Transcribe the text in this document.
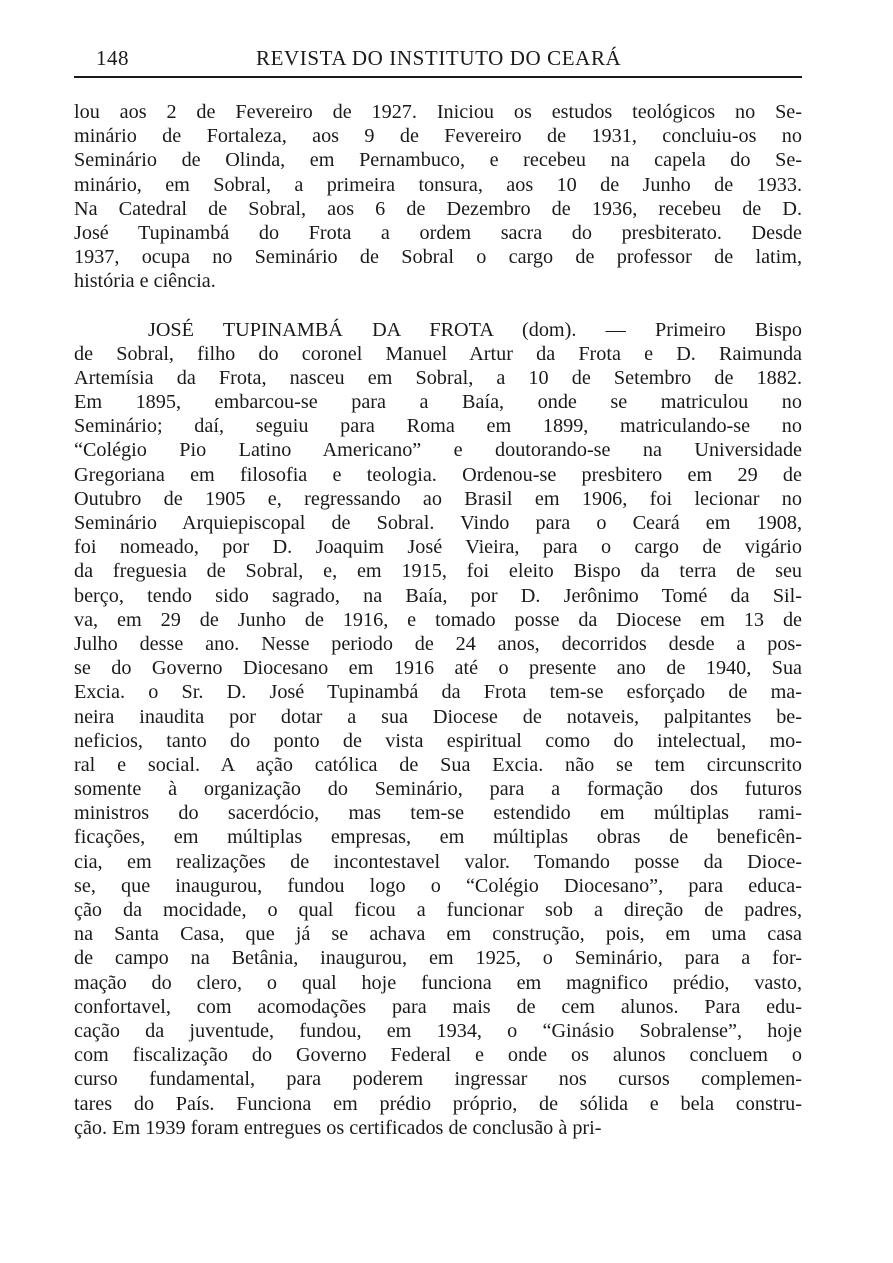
148	REVISTA DO INSTITUTO DO CEARÁ
lou aos 2 de Fevereiro de 1927. Iniciou os estudos teológicos no Se-
minário de Fortaleza, aos 9 de Fevereiro de 1931, concluiu-os no
Seminário de Olinda, em Pernambuco, e recebeu na capela do Se-
minário, em Sobral, a primeira tonsura, aos 10 de Junho de 1933.
Na Catedral de Sobral, aos 6 de Dezembro de 1936, recebeu de D.
José Tupinambá do Frota a ordem sacra do presbiterato. Desde
1937, ocupa no Seminário de Sobral o cargo de professor de latim,
história e ciência.
JOSÉ TUPINAMBÁ DA FROTA (dom). — Primeiro Bispo
de Sobral, filho do coronel Manuel Artur da Frota e D. Raimunda
Artemísia da Frota, nasceu em Sobral, a 10 de Setembro de 1882.
Em 1895, embarcou-se para a Baía, onde se matriculou no
Seminário; daí, seguiu para Roma em 1899, matriculando-se no
“Colégio Pio Latino Americano” e doutorando-se na Universidade
Gregoriana em filosofia e teologia. Ordenou-se presbitero em 29 de
Outubro de 1905 e, regressando ao Brasil em 1906, foi lecionar no
Seminário Arquiepiscopal de Sobral. Vindo para o Ceará em 1908,
foi nomeado, por D. Joaquim José Vieira, para o cargo de vigário
da freguesia de Sobral, e, em 1915, foi eleito Bispo da terra de seu
berço, tendo sido sagrado, na Baía, por D. Jerônimo Tomé da Sil-
va, em 29 de Junho de 1916, e tomado posse da Diocese em 13 de
Julho desse ano. Nesse periodo de 24 anos, decorridos desde a pos-
se do Governo Diocesano em 1916 até o presente ano de 1940, Sua
Excia. o Sr. D. José Tupinambá da Frota tem-se esforçado de ma-
neira inaudita por dotar a sua Diocese de notaveis, palpitantes be-
neficios, tanto do ponto de vista espiritual como do intelectual, mo-
ral e social. A ação católica de Sua Excia. não se tem circunscrito
somente à organização do Seminário, para a formação dos futuros
ministros do sacerdócio, mas tem-se estendido em múltiplas rami-
ficações, em múltiplas empresas, em múltiplas obras de beneficên-
cia, em realizações de incontestavel valor. Tomando posse da Dioce-
se, que inaugurou, fundou logo o “Colégio Diocesano”, para educa-
ção da mocidade, o qual ficou a funcionar sob a direção de padres,
na Santa Casa, que já se achava em construção, pois, em uma casa
de campo na Betânia, inaugurou, em 1925, o Seminário, para a for-
mação do clero, o qual hoje funciona em magnifico prédio, vasto,
confortavel, com acomodações para mais de cem alunos. Para edu-
cação da juventude, fundou, em 1934, o “Ginásio Sobralense”, hoje
com fiscalização do Governo Federal e onde os alunos concluem o
curso fundamental, para poderem ingressar nos cursos complemen-
tares do País. Funciona em prédio próprio, de sólida e bela constru-
ção. Em 1939 foram entregues os certificados de conclusão à pri-
